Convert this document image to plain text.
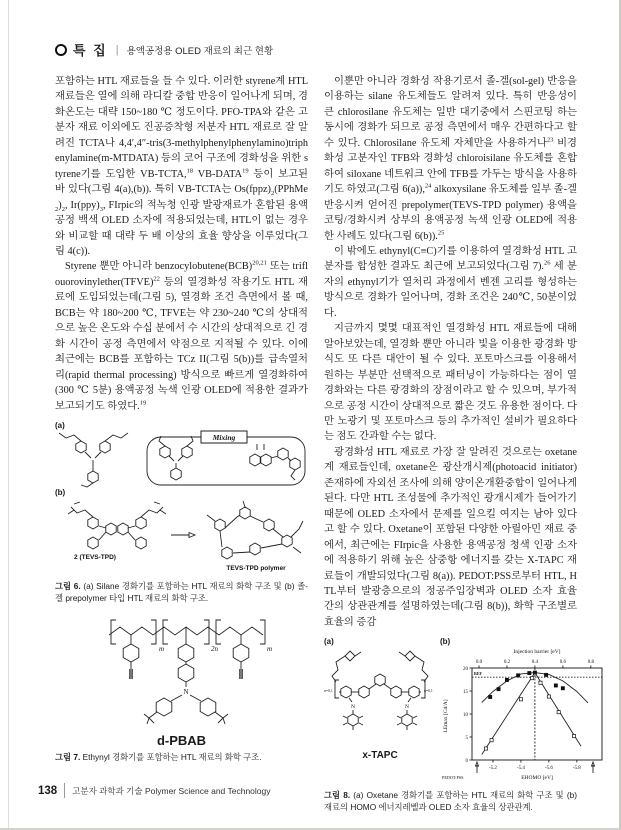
특 집 | 용액공정용 OLED 재료의 최근 현황

포함하는 HTL 재료들을 들 수 있다. 이러한 styrene계 HTL 재료들은 열에 의해 라디칼 중합 반응이 일어나게 되며, 경화온도는 대략 150~180 ℃ 정도이다. PFO-TPA와 같은 고분자 재료 이외에도 진공증착형 저분자 HTL 재료로 잘 알려진 TCTA나 4,4′,4″-tris(3-methylphenylphenylamino)triphenylamine(m-MTDATA) 등의 코어 구조에 경화성을 위한 styrene기를 도입한 VB-TCTA,$^{18}$ VB-DATA$^{19}$ 등이 보고된 바 있다(그림 4(a),(b)). 특히 VB-TCTA는 $Os(fppz)_2(PPhMe_2)_2$, $Ir(ppy)_3$, FIrpic의 적녹청 인광 발광재료가 혼합된 용액공정 백색 OLED 소자에 적용되었는데, HTL이 없는 경우와 비교할 때 대략 두 배 이상의 효율 향상을 이루었다(그림 4(c)).

Styrene 뿐만 아니라 benzocylobutene(BCB)$^{20,21}$ 또는 triflouorovinylether(TFVE)$^{22}$ 등의 열경화성 작용기도 HTL 재료에 도입되었는데(그림 5), 열경화 조건 측면에서 볼 때, BCB는 약 180~200 ℃, TFVE는 약 230~240 ℃의 상대적으로 높은 온도와 수십 분에서 수 시간의 상대적으로 긴 경화 시간이 공정 측면에서 약점으로 지적될 수 있다. 이에 최근에는 BCB를 포함하는 TCz II(그림 5(b))를 급속열처리(rapid thermal processing) 방식으로 빠르게 열경화하여(300 ℃ 5분) 용액공정 녹색 인광 OLED에 적용한 결과가 보고되기도 하였다.$^{19}$

(a)
Mixing
(b)
2 (TEVS-TPD)
TEVS-TPD polymer
그림 6. (a) Silane 경화기를 포함하는 HTL 재료의 화학 구조 및 (b) 졸-겔 prepolymer 타입 HTL 재료의 화학 구조.
m	2n	m
N
d-PBAB
그림 7. Ethynyl 경화기를 포함하는 HTL 재료의 화학 구조.

이뿐만 아니라 경화성 작용기로서 졸-겔(sol-gel) 반응을 이용하는 silane 유도체들도 알려져 있다. 특히 반응성이 큰 chlorosilane 유도체는 일반 대기중에서 스핀코팅 하는 동시에 경화가 되므로 공정 측면에서 매우 간편하다고 할 수 있다. Chlorosilane 유도체 자체만을 사용하거나$^{23}$ 비경화성 고분자인 TFB와 경화성 chloroisilane 유도체를 혼합하여 siloxane 네트워크 안에 TFB를 가두는 방식을 사용하기도 하였고(그림 6(a)),$^{24}$ alkoxysilane 유도체를 일부 졸-겔 반응시켜 얻어진 prepolymer(TEVS-TPD polymer) 용액을 코팅/경화시켜 상부의 용액공정 녹색 인광 OLED에 적용한 사례도 있다(그림 6(b)).$^{25}$

이 밖에도 ethynyl(C≡C)기를 이용하여 열경화성 HTL 고분자를 합성한 결과도 최근에 보고되었다(그림 7).$^{26}$ 세 분자의 ethynyl기가 열처리 과정에서 벤젠 고리를 형성하는 방식으로 경화가 일어나며, 경화 조건은 240℃, 50분이었다.

지금까지 몇몇 대표적인 열경화성 HTL 재료들에 대해 알아보았는데, 열경화 뿐만 아니라 빛을 이용한 광경화 방식도 또 다른 대안이 될 수 있다. 포토마스크를 이용해서 원하는 부분만 선택적으로 패터닝이 가능하다는 점이 열경화와는 다른 광경화의 장점이라고 할 수 있으며, 부가적으로 공정 시간이 상대적으로 짧은 것도 유용한 점이다. 다만 노광기 및 포토마스크 등의 추가적인 설비가 필요하다는 점도 간과할 수는 없다.

광경화성 HTL 재료로 가장 잘 알려진 것으로는 oxetane계 재료들인데, oxetane은 광산개시제(photoacid initiator) 존재하에 자외선 조사에 의해 양이온개환중합이 일어나게 된다. 다만 HTL 조성물에 추가적인 광개시제가 들어가기 때문에 OLED 소자에서 문제를 일으킬 여지는 남아 있다고 할 수 있다. Oxetane이 포함된 다양한 아릴아민 재료 중에서, 최근에는 FIrpic을 사용한 용액공정 청색 인광 소자에 적용하기 위해 높은 삼중항 에너지를 갖는 X-TAPC 재료들이 개발되었다(그림 8(a)). PEDOT:PSS로부터 HTL, HTL부터 발광층으로의 정공주입장벽과 OLED 소자 효율 간의 상관관계를 설명하였는데(그림 8(b)), 화학 구조별로 효율의 증감

(a)
n=0,1	n=0,1
N	N
x-TAPC
(b)
Injection barrier [eV]
LEmax [Cd/A]
EHOMO [eV]
PEDOT:PSS
REF
0.0	0.2	0.4	0.6	0.8
-5.2	-5.4	-5.6	-5.8
0
5
10
15
20
그림 8. (a) Oxetane 경화기를 포함하는 HTL 재료의 화학 구조 및 (b) 재료의 HOMO 에너지레벨과 OLED 소자 효율의 상관관계.
138 고분자 과학과 기술 Polymer Science and Technology
